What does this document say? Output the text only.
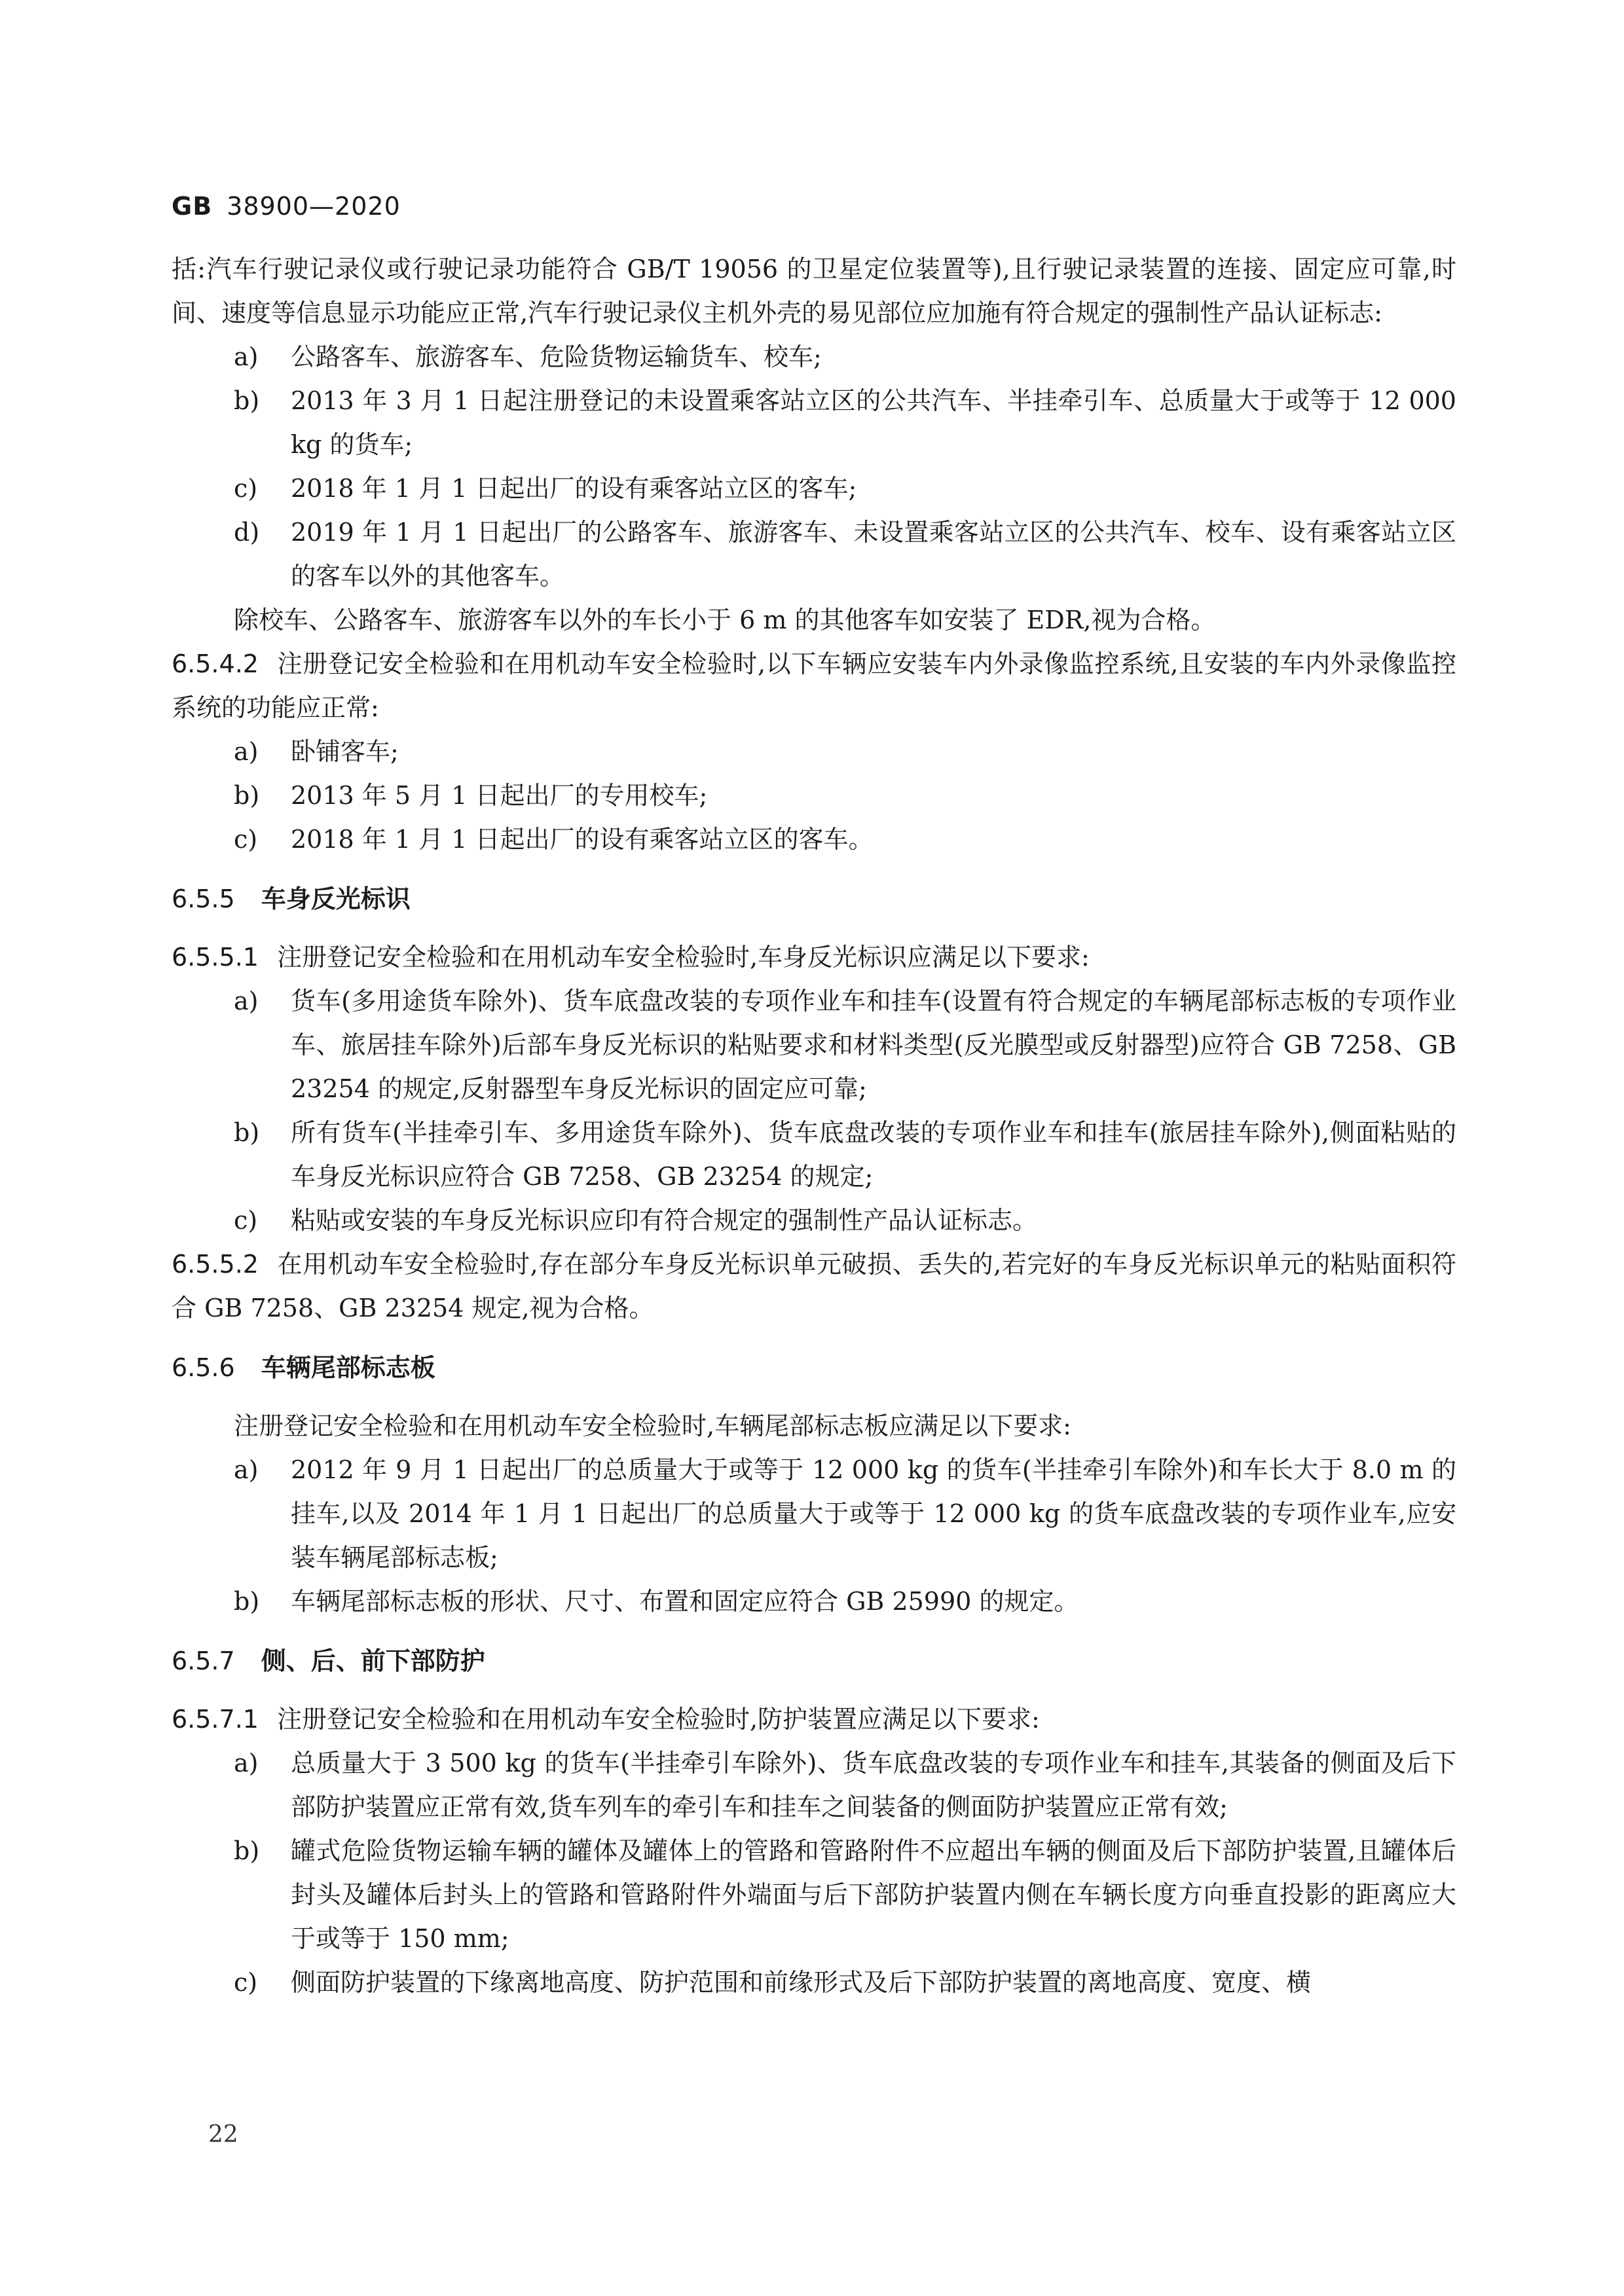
GB 38900—2020

括:汽车行驶记录仪或行驶记录功能符合 GB/T 19056 的卫星定位装置等),且行驶记录装置的连接、固定应可靠,时间、速度等信息显示功能应正常,汽车行驶记录仪主机外壳的易见部位应加施有符合规定的强制性产品认证标志:

a) 公路客车、旅游客车、危险货物运输货车、校车;

b) 2013 年 3 月 1 日起注册登记的未设置乘客站立区的公共汽车、半挂牵引车、总质量大于或等于 12 000 kg 的货车;

c) 2018 年 1 月 1 日起出厂的设有乘客站立区的客车;

d) 2019 年 1 月 1 日起出厂的公路客车、旅游客车、未设置乘客站立区的公共汽车、校车、设有乘客站立区的客车以外的其他客车。

除校车、公路客车、旅游客车以外的车长小于 6 m 的其他客车如安装了 EDR,视为合格。

6.5.4.2 注册登记安全检验和在用机动车安全检验时,以下车辆应安装车内外录像监控系统,且安装的车内外录像监控系统的功能应正常:

a) 卧铺客车;

b) 2013 年 5 月 1 日起出厂的专用校车;

c) 2018 年 1 月 1 日起出厂的设有乘客站立区的客车。

6.5.5 车身反光标识

6.5.5.1 注册登记安全检验和在用机动车安全检验时,车身反光标识应满足以下要求:

a) 货车(多用途货车除外)、货车底盘改装的专项作业车和挂车(设置有符合规定的车辆尾部标志板的专项作业车、旅居挂车除外)后部车身反光标识的粘贴要求和材料类型(反光膜型或反射器型)应符合 GB 7258、GB 23254 的规定,反射器型车身反光标识的固定应可靠;

b) 所有货车(半挂牵引车、多用途货车除外)、货车底盘改装的专项作业车和挂车(旅居挂车除外),侧面粘贴的车身反光标识应符合 GB 7258、GB 23254 的规定;

c) 粘贴或安装的车身反光标识应印有符合规定的强制性产品认证标志。

6.5.5.2 在用机动车安全检验时,存在部分车身反光标识单元破损、丢失的,若完好的车身反光标识单元的粘贴面积符合 GB 7258、GB 23254 规定,视为合格。

6.5.6 车辆尾部标志板

注册登记安全检验和在用机动车安全检验时,车辆尾部标志板应满足以下要求:

a) 2012 年 9 月 1 日起出厂的总质量大于或等于 12 000 kg 的货车(半挂牵引车除外)和车长大于 8.0 m 的挂车,以及 2014 年 1 月 1 日起出厂的总质量大于或等于 12 000 kg 的货车底盘改装的专项作业车,应安装车辆尾部标志板;

b) 车辆尾部标志板的形状、尺寸、布置和固定应符合 GB 25990 的规定。

6.5.7 侧、后、前下部防护

6.5.7.1 注册登记安全检验和在用机动车安全检验时,防护装置应满足以下要求:

a) 总质量大于 3 500 kg 的货车(半挂牵引车除外)、货车底盘改装的专项作业车和挂车,其装备的侧面及后下部防护装置应正常有效,货车列车的牵引车和挂车之间装备的侧面防护装置应正常有效;

b) 罐式危险货物运输车辆的罐体及罐体上的管路和管路附件不应超出车辆的侧面及后下部防护装置,且罐体后封头及罐体后封头上的管路和管路附件外端面与后下部防护装置内侧在车辆长度方向垂直投影的距离应大于或等于 150 mm;

c) 侧面防护装置的下缘离地高度、防护范围和前缘形式及后下部防护装置的离地高度、宽度、横

22
